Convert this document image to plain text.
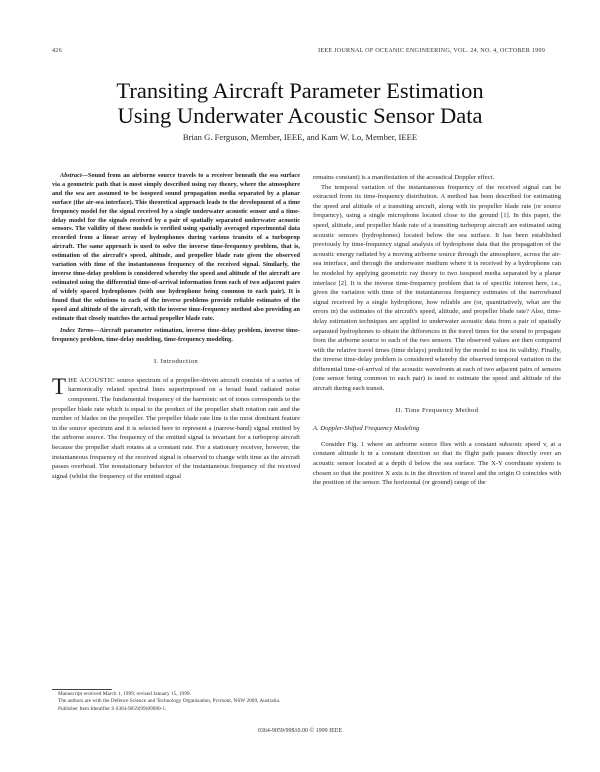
426	IEEE JOURNAL OF OCEANIC ENGINEERING, VOL. 24, NO. 4, OCTOBER 1999
Transiting Aircraft Parameter Estimation
Using Underwater Acoustic Sensor Data
Brian G. Ferguson, Member, IEEE, and Kam W. Lo, Member, IEEE

Abstract—Sound from an airborne source travels to a receiver beneath the sea surface via a geometric path that is most simply described using ray theory, where the atmosphere and the sea are assumed to be isospeed sound propagation media separated by a planar surface (the air-sea interface). This theoretical approach leads to the development of a time frequency model for the signal received by a single underwater acoustic sensor and a time-delay model for the signals received by a pair of spatially separated underwater acoustic sensors. The validity of these models is verified using spatially averaged experimental data recorded from a linear array of hydrophones during various transits of a turboprop aircraft. The same approach is used to solve the inverse time-frequency problem, that is, estimation of the aircraft's speed, altitude, and propeller blade rate given the observed variation with time of the instantaneous frequency of the received signal. Similarly, the inverse time-delay problem is considered whereby the speed and altitude of the aircraft are estimated using the differential time-of-arrival information from each of two adjacent pairs of widely spaced hydrophones (with one hydrophone being common to each pair). It is found that the solutions to each of the inverse problems provide reliable estimates of the speed and altitude of the aircraft, with the inverse time-frequency method also providing an estimate that closely matches the actual propeller blade rate.

Index Terms—Aircraft parameter estimation, inverse time-delay problem, inverse time-frequency problem, time-delay modeling, time-frequency modeling.

I. Introduction

THE ACOUSTIC source spectrum of a propeller-driven aircraft consists of a series of harmonically related spectral lines superimposed on a broad band radiated noise component. The fundamental frequency of the harmonic set of tones corresponds to the propeller blade rate which is equal to the product of the propeller shaft rotation rate and the number of blades on the propeller. The propeller blade rate line is the most dominant feature in the source spectrum and it is selected here to represent a (narrow-band) signal emitted by the airborne source. The frequency of the emitted signal is invariant for a turboprop aircraft because the propeller shaft rotates at a constant rate. For a stationary receiver, however, the instantaneous frequency of the received signal is observed to change with time as the aircraft passes overhead. The nonstationary behavior of the instantaneous frequency of the received signal (whilst the frequency of the emitted signal

remains constant) is a manifestation of the acoustical Doppler effect.

The temporal variation of the instantaneous frequency of the received signal can be extracted from its time-frequency distribution. A method has been described for estimating the speed and altitude of a transiting aircraft, along with its propeller blade rate (or source frequency), using a single microphone located close to the ground [1]. In this paper, the speed, altitude, and propeller blade rate of a transiting turboprop aircraft are estimated using acoustic sensors (hydrophones) located below the sea surface. It has been established previously by time-frequency signal analysis of hydrophone data that the propagation of the acoustic energy radiated by a moving airborne source through the atmosphere, across the air-sea interface, and through the underwater medium where it is received by a hydrophone can be modeled by applying geometric ray theory to two isospeed media separated by a planar interface [2]. It is the inverse time-frequency problem that is of specific interest here, i.e., given the variation with time of the instantaneous frequency estimates of the narrowband signal received by a single hydrophone, how reliable are (or, quantitatively, what are the errors in) the estimates of the aircraft's speed, altitude, and propeller blade rate? Also, time-delay estimation techniques are applied to underwater acoustic data from a pair of spatially separated hydrophones to obtain the differences in the travel times for the sound to propagate from the airborne source to each of the two sensors. The observed values are then compared with the relative travel times (time delays) predicted by the model to test its validity. Finally, the inverse time-delay problem is considered whereby the observed temporal variation in the differential time-of-arrival of the acoustic wavefronts at each of two adjacent pairs of sensors (one sensor being common to each pair) is used to estimate the speed and altitude of the aircraft during each transit.

II. Time Frequency Method
A. Doppler-Shifted Frequency Modeling

Consider Fig. 1 where an airborne source flies with a constant subsonic speed v, at a constant altitude h in a constant direction so that its flight path passes directly over an acoustic sensor located at a depth d below the sea surface. The X-Y coordinate system is chosen so that the positive X axis is in the direction of travel and the origin O coincides with the position of the sensor. The horizontal (or ground) range of the

Manuscript received March 1, 1999; revised January 15, 1999.

The authors are with the Defence Science and Technology Organisation, Pyrmont, NSW 2009, Australia.

Publisher Item Identifier S 0364-9059(99)09090-1.

0364-9059/99$10.00 © 1999 IEEE
